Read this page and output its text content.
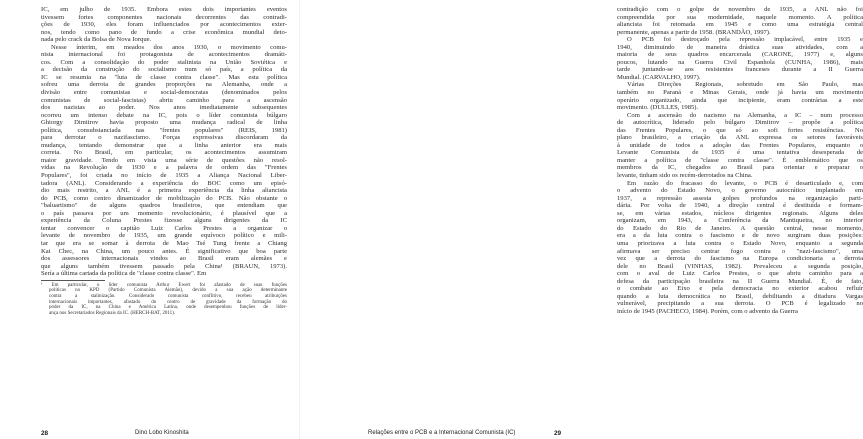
IC, em julho de 1935. Embora estes dois importantes eventos
tivessem fortes componentes nacionais decorrentes das contradi-
ções de 1930, eles foram influenciados por acontecimentos exter-
nos, tendo como pano de fundo a crise econômica mundial deto-
nada pelo crack da Bolsa de Nova Iorque.
Nesse ínterim, em meados dos anos 1930, o movimento comu-
nista internacional foi protagonista de acontecimentos dramáti-
cos. Com a consolidação do poder stalinista na União Soviética e
a decisão da construção do socialismo num só país, a política da
IC se resumia na "luta de classe contra classe". Mas esta política
sofreu uma derrota de grandes proporções na Alemanha, onde a
divisão entre comunistas e social-democratas (denominados pelos
comunistas de social-fascistas) abriu caminho para a ascensão
dos nazistas ao poder. Nos anos imediatamente subsequentes
ocorreu um intenso debate na IC, pois o líder comunista búlgaro
Ghiorgy Dimitrov havia proposto uma mudança radical de linha
política, consubstanciada nas "frentes populares" (REIS, 1981)
para derrotar o nazifascismo. Forças expressivas discordaram da
mudança, tentando demonstrar que a linha anterior era mais
correta. No Brasil, em particular, os acontecimentos assumiram
maior gravidade. Tendo em vista uma série de questões não resol-
vidas na Revolução de 1930 e a palavra de ordem das "Frentes
Populares", foi criada no início de 1935 a Aliança Nacional Liber-
tadora (ANL). Considerando a experiência do BOC como um episó-
dio mais restrito, a ANL é a primeira experiência da linha aliancista
do PCB, como centro dinamizador de mobilização do PCB. Não obstante o
"baluartismo" de alguns quadros brasileiros, que entendiam que
o país passava por um momento revolucionário, é plausível que a
experiência da Coluna Prestes fizesse alguns dirigentes da IC
tentar convencer o capitão Luiz Carlos Prestes a organizar o
levante de novembro de 1935, um grande equívoco político e mili-
tar que era se somar à derrota de Mao Tsé Tung frente a Chiang
Kai Chec, na China, um pouco antes. É significativo que boa parte
dos assessores internacionais vindos ao Brasil eram alemães e
que alguns também tivessem passado pela China¹ (BRAUN, 1973).
Sería a última cartada da política de "classe contra classe". Em
¹ Em particular, o líder comunista Arthur Ewert foi afastado de suas funções
políticas no KPD (Partido Comunista Alemão), devido a sua ação determinante
contra a stalinização. Considerado comunista conflitivo, recebeu atribuições
internacionais importantes, afastado do centro de gravidade da formação do
poder da IC, na China e América Latina, onde desempenhou funções de líder-
ança nos Secretariados Regionais da IC. (HERCH-BAT, 2011).
28	Dino Lobo Kinoshita
contradição com o golpe de novembro de 1935, a ANL não foi
compreendida por sua modernidade, naquele momento. A política
aliancista foi retomada em 1945 e como uma estratégia central
permanente, apenas a partir de 1958. (BRANDÃO, 1997).
O PCB foi destroçado pela repressão implacável, entre 1935 e
1940, diminuindo de maneira drástica suas atividades, com a
maioria de seus quadros encarcerada (CARONE, 1977) e, alguns
poucos, lutando na Guerra Civil Espanhola (CUNHA, 1986), mais
tarde juntando-se aos resistentes franceses durante a II Guerra
Mundial. (CARVALHO, 1997).
Várias Direções Regionais, sobretudo em São Paulo, mas
também no Paraná e Minas Gerais, onde já havia um movimento
operário organizado, ainda que incipiente, eram contrárias a este
movimento. (DULLES, 1985).
Com a ascensão do nazismo na Alemanha, a IC – num processo
de autocrítica, liderado pelo búlgaro Dimitrov – propôe a política
das Frentes Populares, o que só ao sofi fortes resistências. No
plano brasileiro, a criação da ANL expressa os setores favoráveis
à unidade de todos a adoção das Frentes Populares, enquanto o
Levante Comunista de 1935 é uma tentativa desesperada de
manter a política de "classe contra classe". É emblemático que os
membros da IC, chegados ao Brasil para orientar e preparar o
levante, tinham sido os recém-derrotados na China.
Em razão do fracasso do levante, o PCB é desarticulado e, com
o advento do Estado Novo, o governo autocrático implantado em
1937, a repressão assesta golpes profundos na organização parti-
dária. Por volta de 1940, a direção central é destituída e formam-
se, em várias estados, núcleos dirigentes regionais. Alguns deles
organizam, em 1943, a Conferência da Mantiqueira, no interior
do Estado do Rio de Janeiro. A questão central, nesse momento,
era a da luta contra o fascismo e de novo surgiram duas posições:
uma priorizava a luta contra o Estado Novo, enquanto a segunda
afirmava ser preciso centrar fogo contra o "nazi-fascismo", uma
vez que a derrota do fascismo na Europa condicionaria a derrota
dele no Brasil (VINHAS, 1982). Prevaleceu a segunda posição,
com o aval de Luiz Carlos Prestes, o que abriu caminho para a
defesa da participação brasileira na II Guerra Mundial. É, de fato,
o combate ao Eixo e pela democracia no exterior acabou refluír
quando a luta democrática no Brasil, debilitando a ditadura Vargas
vulnerável, precipitando a sua derrota. O PCB é legalizado no
início de 1945 (PACHECO, 1984). Porém, com o advento da Guerra
Relações entre o PCB e a Internacional Comunista (IC)	29
